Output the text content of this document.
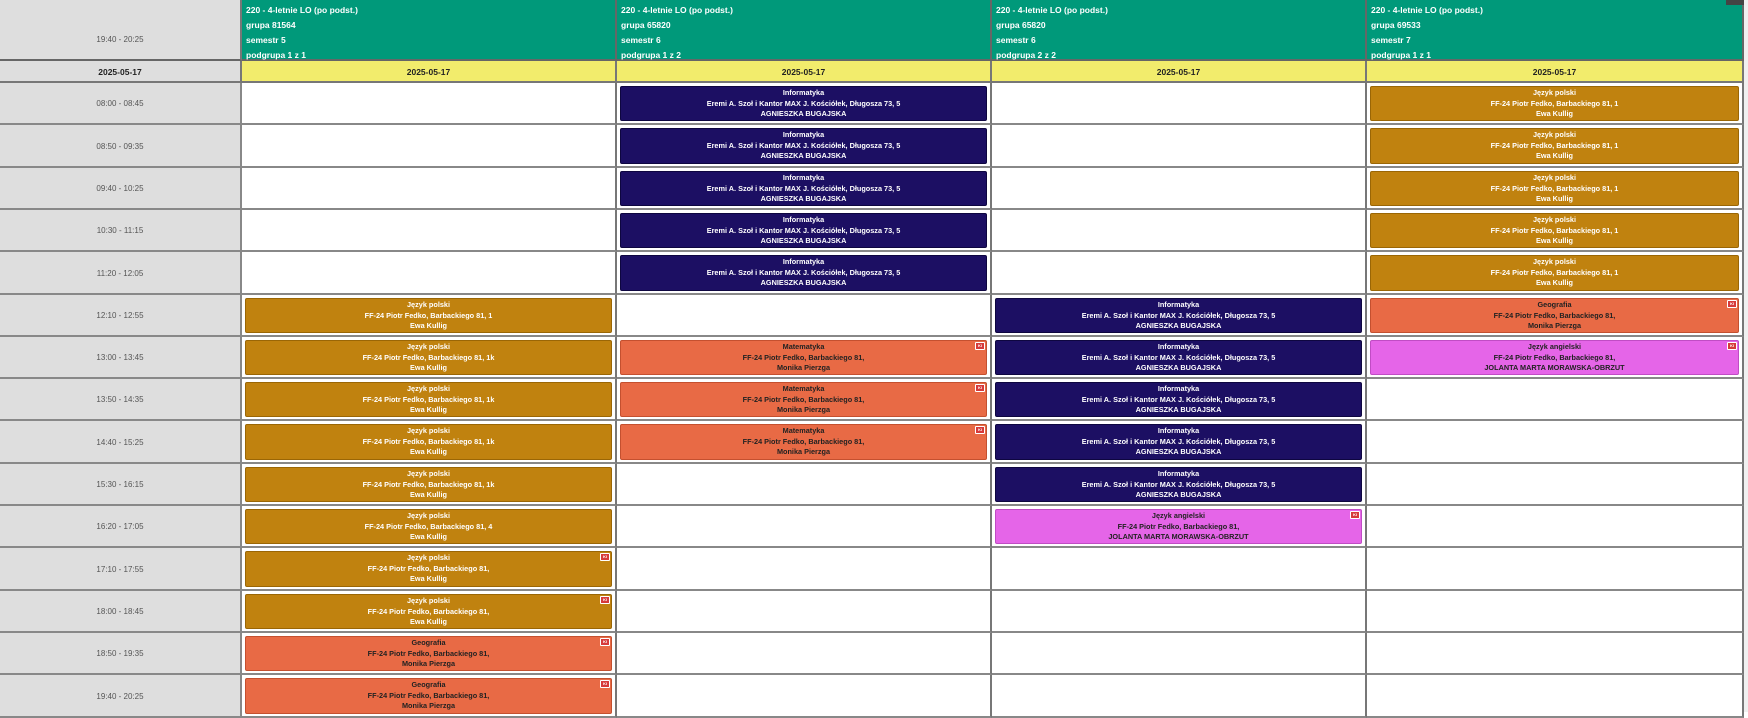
19:40 - 20:25
2025-05-17
220 - 4-letnie LO (po podst.)
grupa 81564
semestr 5
podgrupa 1 z 1
2025-05-17
220 - 4-letnie LO (po podst.)
grupa 65820
semestr 6
podgrupa 1 z 2
2025-05-17
220 - 4-letnie LO (po podst.)
grupa 65820
semestr 6
podgrupa 2 z 2
2025-05-17
220 - 4-letnie LO (po podst.)
grupa 69533
semestr 7
podgrupa 1 z 1
2025-05-17
08:00 - 08:45
08:50 - 09:35
09:40 - 10:25
10:30 - 11:15
11:20 - 12:05
12:10 - 12:55
13:00 - 13:45
13:50 - 14:35
14:40 - 15:25
15:30 - 16:15
16:20 - 17:05
17:10 - 17:55
18:00 - 18:45
18:50 - 19:35
19:40 - 20:25
Język polski
FF-24 Piotr Fedko, Barbackiego 81, 1
Ewa Kullig
Język polski
FF-24 Piotr Fedko, Barbackiego 81, 1k
Ewa Kullig
Język polski
FF-24 Piotr Fedko, Barbackiego 81, 1k
Ewa Kullig
Język polski
FF-24 Piotr Fedko, Barbackiego 81, 1k
Ewa Kullig
Język polski
FF-24 Piotr Fedko, Barbackiego 81, 1k
Ewa Kullig
Język polski
FF-24 Piotr Fedko, Barbackiego 81, 4
Ewa Kullig
Język polski
FF-24 Piotr Fedko, Barbackiego 81,
Ewa Kullig
KI
Język polski
FF-24 Piotr Fedko, Barbackiego 81,
Ewa Kullig
KI
Geografia
FF-24 Piotr Fedko, Barbackiego 81,
Monika Pierzga
KI
Geografia
FF-24 Piotr Fedko, Barbackiego 81,
Monika Pierzga
KI
Informatyka
Eremi A. Szoł i Kantor MAX J. Kościółek, Długosza 73, 5
AGNIESZKA BUGAJSKA
Informatyka
Eremi A. Szoł i Kantor MAX J. Kościółek, Długosza 73, 5
AGNIESZKA BUGAJSKA
Informatyka
Eremi A. Szoł i Kantor MAX J. Kościółek, Długosza 73, 5
AGNIESZKA BUGAJSKA
Informatyka
Eremi A. Szoł i Kantor MAX J. Kościółek, Długosza 73, 5
AGNIESZKA BUGAJSKA
Informatyka
Eremi A. Szoł i Kantor MAX J. Kościółek, Długosza 73, 5
AGNIESZKA BUGAJSKA
Matematyka
FF-24 Piotr Fedko, Barbackiego 81,
Monika Pierzga
KI
Matematyka
FF-24 Piotr Fedko, Barbackiego 81,
Monika Pierzga
KI
Matematyka
FF-24 Piotr Fedko, Barbackiego 81,
Monika Pierzga
KI
Informatyka
Eremi A. Szoł i Kantor MAX J. Kościółek, Długosza 73, 5
AGNIESZKA BUGAJSKA
Informatyka
Eremi A. Szoł i Kantor MAX J. Kościółek, Długosza 73, 5
AGNIESZKA BUGAJSKA
Informatyka
Eremi A. Szoł i Kantor MAX J. Kościółek, Długosza 73, 5
AGNIESZKA BUGAJSKA
Informatyka
Eremi A. Szoł i Kantor MAX J. Kościółek, Długosza 73, 5
AGNIESZKA BUGAJSKA
Informatyka
Eremi A. Szoł i Kantor MAX J. Kościółek, Długosza 73, 5
AGNIESZKA BUGAJSKA
Język angielski
FF-24 Piotr Fedko, Barbackiego 81,
JOLANTA MARTA MORAWSKA-OBRZUT
KI
Język polski
FF-24 Piotr Fedko, Barbackiego 81, 1
Ewa Kullig
Język polski
FF-24 Piotr Fedko, Barbackiego 81, 1
Ewa Kullig
Język polski
FF-24 Piotr Fedko, Barbackiego 81, 1
Ewa Kullig
Język polski
FF-24 Piotr Fedko, Barbackiego 81, 1
Ewa Kullig
Język polski
FF-24 Piotr Fedko, Barbackiego 81, 1
Ewa Kullig
Geografia
FF-24 Piotr Fedko, Barbackiego 81,
Monika Pierzga
KI
Język angielski
FF-24 Piotr Fedko, Barbackiego 81,
JOLANTA MARTA MORAWSKA-OBRZUT
KI
